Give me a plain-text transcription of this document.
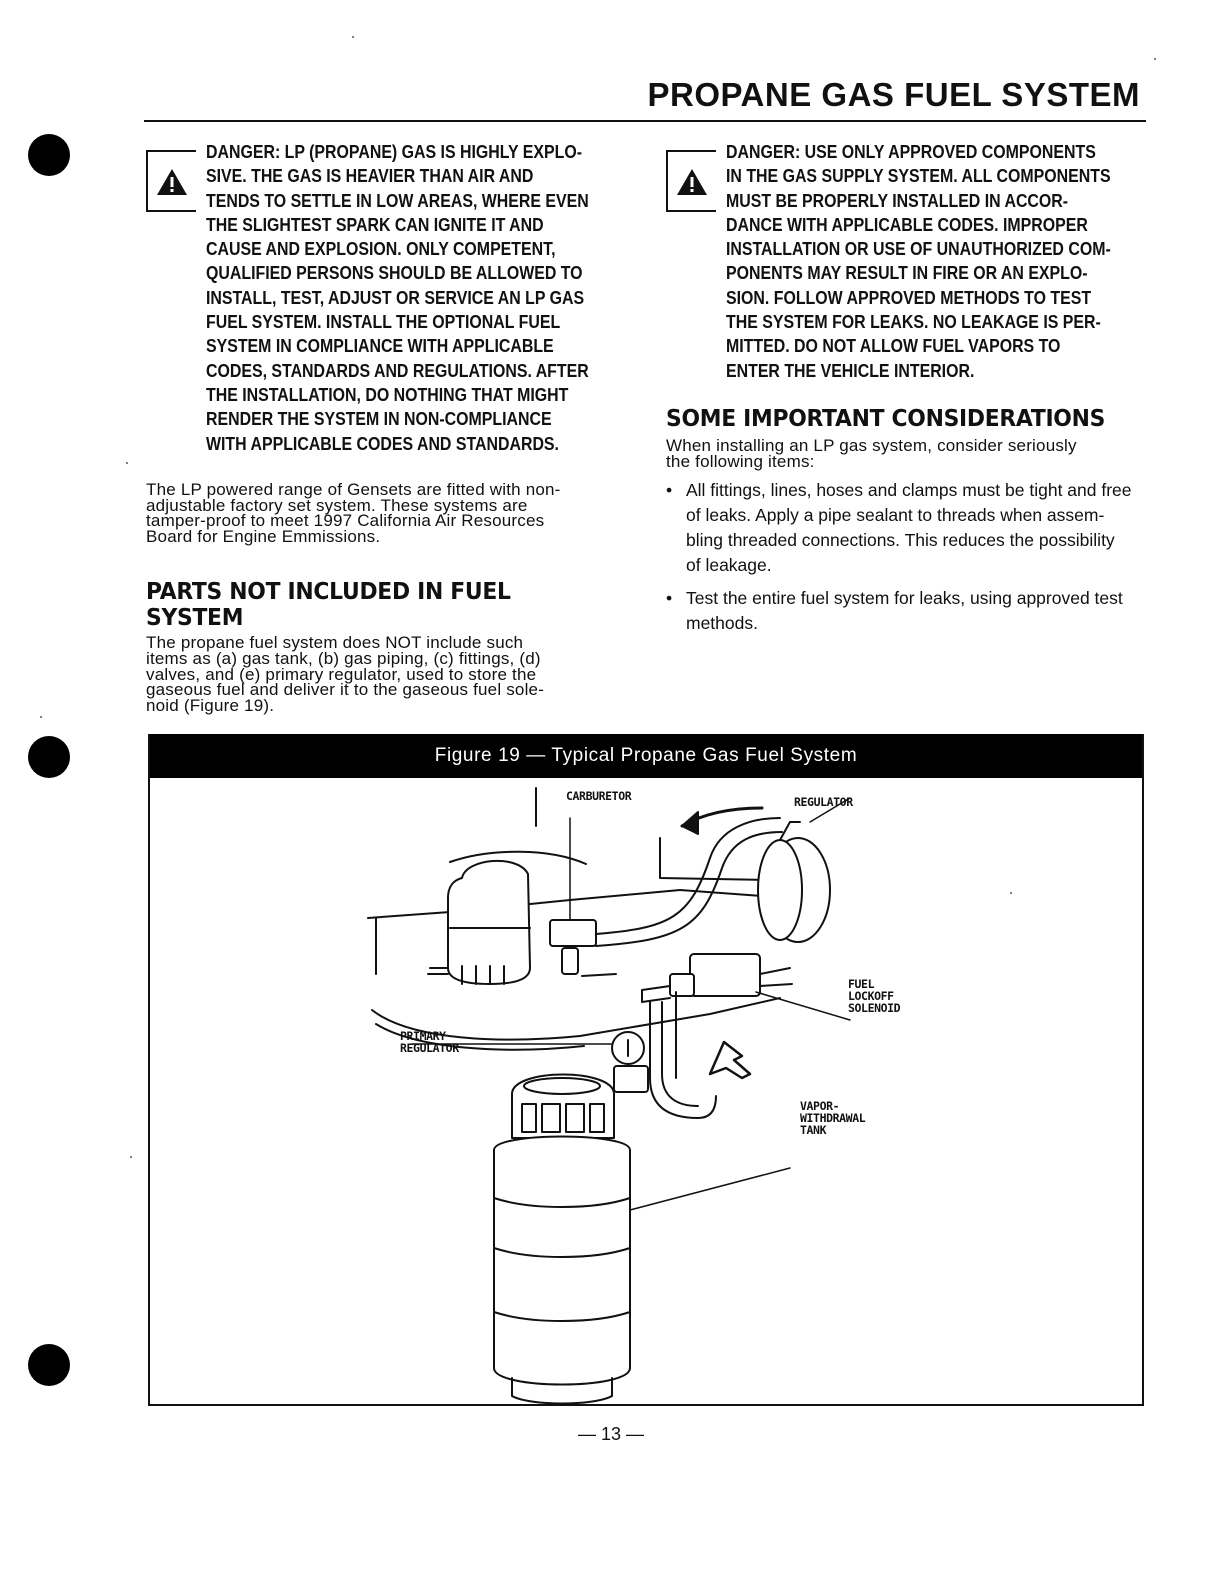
PROPANE GAS FUEL SYSTEM
DANGER: LP (PROPANE) GAS IS HIGHLY EXPLO-
SIVE. THE GAS IS HEAVIER THAN AIR AND
TENDS TO SETTLE IN LOW AREAS, WHERE EVEN
THE SLIGHTEST SPARK CAN IGNITE IT AND
CAUSE AND EXPLOSION. ONLY COMPETENT,
QUALIFIED PERSONS SHOULD BE ALLOWED TO
INSTALL, TEST, ADJUST OR SERVICE AN LP GAS
FUEL SYSTEM. INSTALL THE OPTIONAL FUEL
SYSTEM IN COMPLIANCE WITH APPLICABLE
CODES, STANDARDS AND REGULATIONS. AFTER
THE INSTALLATION, DO NOTHING THAT MIGHT
RENDER THE SYSTEM IN NON-COMPLIANCE
WITH APPLICABLE CODES AND STANDARDS.
The LP powered range of Gensets are fitted with non-
adjustable factory set system. These systems are
tamper-proof to meet 1997 California Air Resources
Board for Engine Emmissions.
PARTS NOT INCLUDED IN FUEL SYSTEM
The propane fuel system does NOT include such
items as (a) gas tank, (b) gas piping, (c) fittings, (d)
valves, and (e) primary regulator, used to store the
gaseous fuel and deliver it to the gaseous fuel sole-
noid (Figure 19).
DANGER: USE ONLY APPROVED COMPONENTS
IN THE GAS SUPPLY SYSTEM. ALL COMPONENTS
MUST BE PROPERLY INSTALLED IN ACCOR-
DANCE WITH APPLICABLE CODES. IMPROPER
INSTALLATION OR USE OF UNAUTHORIZED COM-
PONENTS MAY RESULT IN FIRE OR AN EXPLO-
SION. FOLLOW APPROVED METHODS TO TEST
THE SYSTEM FOR LEAKS. NO LEAKAGE IS PER-
MITTED. DO NOT ALLOW FUEL VAPORS TO
ENTER THE VEHICLE INTERIOR.
SOME IMPORTANT CONSIDERATIONS
When installing an LP gas system, consider seriously
the following items:
• All fittings, lines, hoses and clamps must be tight and free
of leaks. Apply a pipe sealant to threads when assem-
bling threaded connections. This reduces the possibility
of leakage.
• Test the entire fuel system for leaks, using approved test
methods.
Figure 19 — Typical Propane Gas Fuel System
CARBURETOR	REGULATOR
FUEL
LOCKOFF
SOLENOID
PRIMARY
REGULATOR
VAPOR-
WITHDRAWAL
TANK
— 13 —
